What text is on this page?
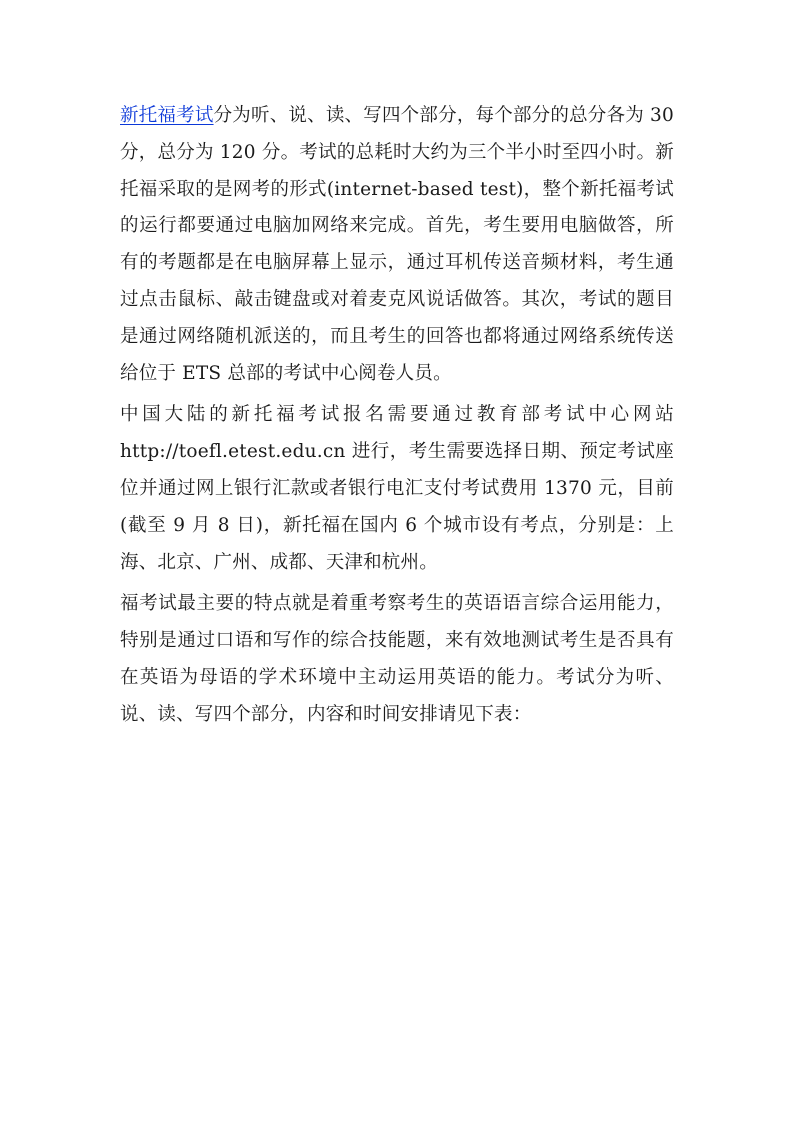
新托福考试分为听、说、读、写四个部分，每个部分的总分各为 30 分，总分为 120 分。考试的总耗时大约为三个半小时至四小时。新托福采取的是网考的形式(internet-based test)，整个新托福考试的运行都要通过电脑加网络来完成。首先，考生要用电脑做答，所有的考题都是在电脑屏幕上显示，通过耳机传送音频材料，考生通过点击鼠标、敲击键盘或对着麦克风说话做答。其次，考试的题目是通过网络随机派送的，而且考生的回答也都将通过网络系统传送给位于 ETS 总部的考试中心阅卷人员。

中国大陆的新托福考试报名需要通过教育部考试中心网站 http://toefl.etest.edu.cn 进行，考生需要选择日期、预定考试座位并通过网上银行汇款或者银行电汇支付考试费用 1370 元，目前(截至 9 月 8 日)，新托福在国内 6 个城市设有考点，分别是：上海、北京、广州、成都、天津和杭州。

福考试最主要的特点就是着重考察考生的英语语言综合运用能力，特别是通过口语和写作的综合技能题，来有效地测试考生是否具有在英语为母语的学术环境中主动运用英语的能力。考试分为听、说、读、写四个部分，内容和时间安排请见下表：
